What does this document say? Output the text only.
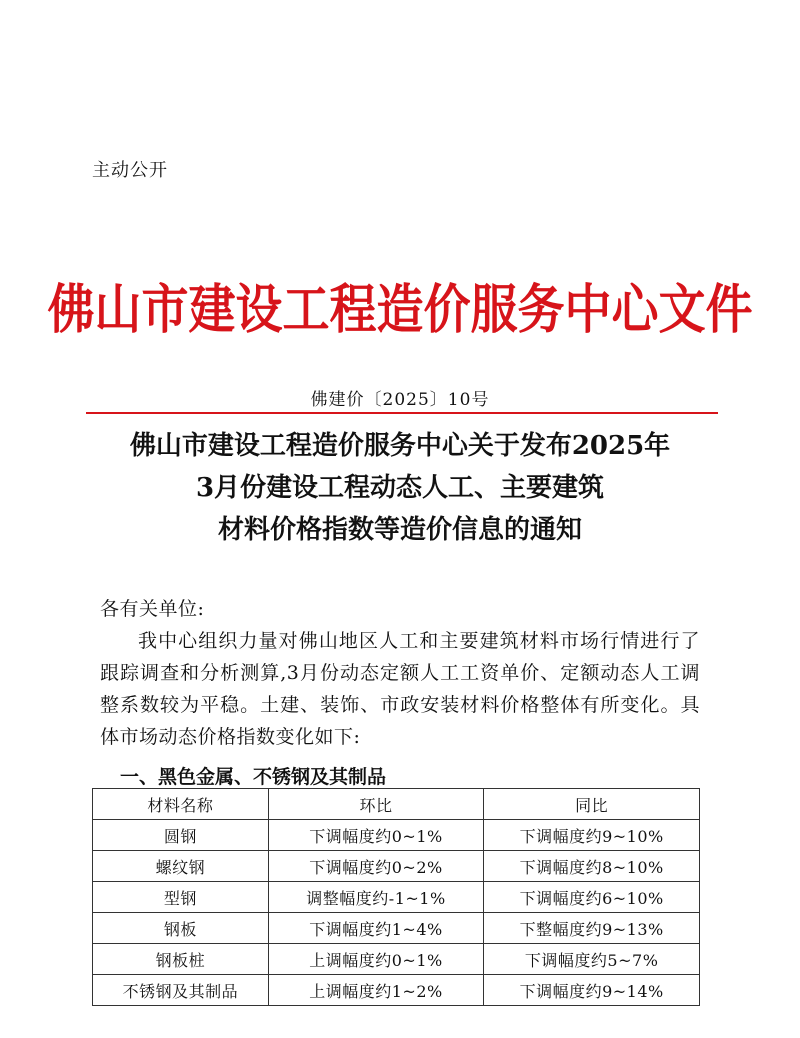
主动公开
佛山市建设工程造价服务中心文件
佛建价〔2025〕10号
佛山市建设工程造价服务中心关于发布2025年
3月份建设工程动态人工、主要建筑
材料价格指数等造价信息的通知

各有关单位:

我中心组织力量对佛山地区人工和主要建筑材料市场行情进行了跟踪调查和分析测算,3月份动态定额人工工资单价、定额动态人工调整系数较为平稳。土建、装饰、市政安装材料价格整体有所变化。具体市场动态价格指数变化如下:

一、黑色金属、不锈钢及其制品
材料名称	环比	同比
圆钢	下调幅度约0~1%	下调幅度约9~10%
螺纹钢	下调幅度约0~2%	下调幅度约8~10%
型钢	调整幅度约-1~1%	下调幅度约6~10%
钢板	下调幅度约1~4%	下整幅度约9~13%
钢板桩	上调幅度约0~1%	下调幅度约5~7%
不锈钢及其制品	上调幅度约1~2%	下调幅度约9~14%
